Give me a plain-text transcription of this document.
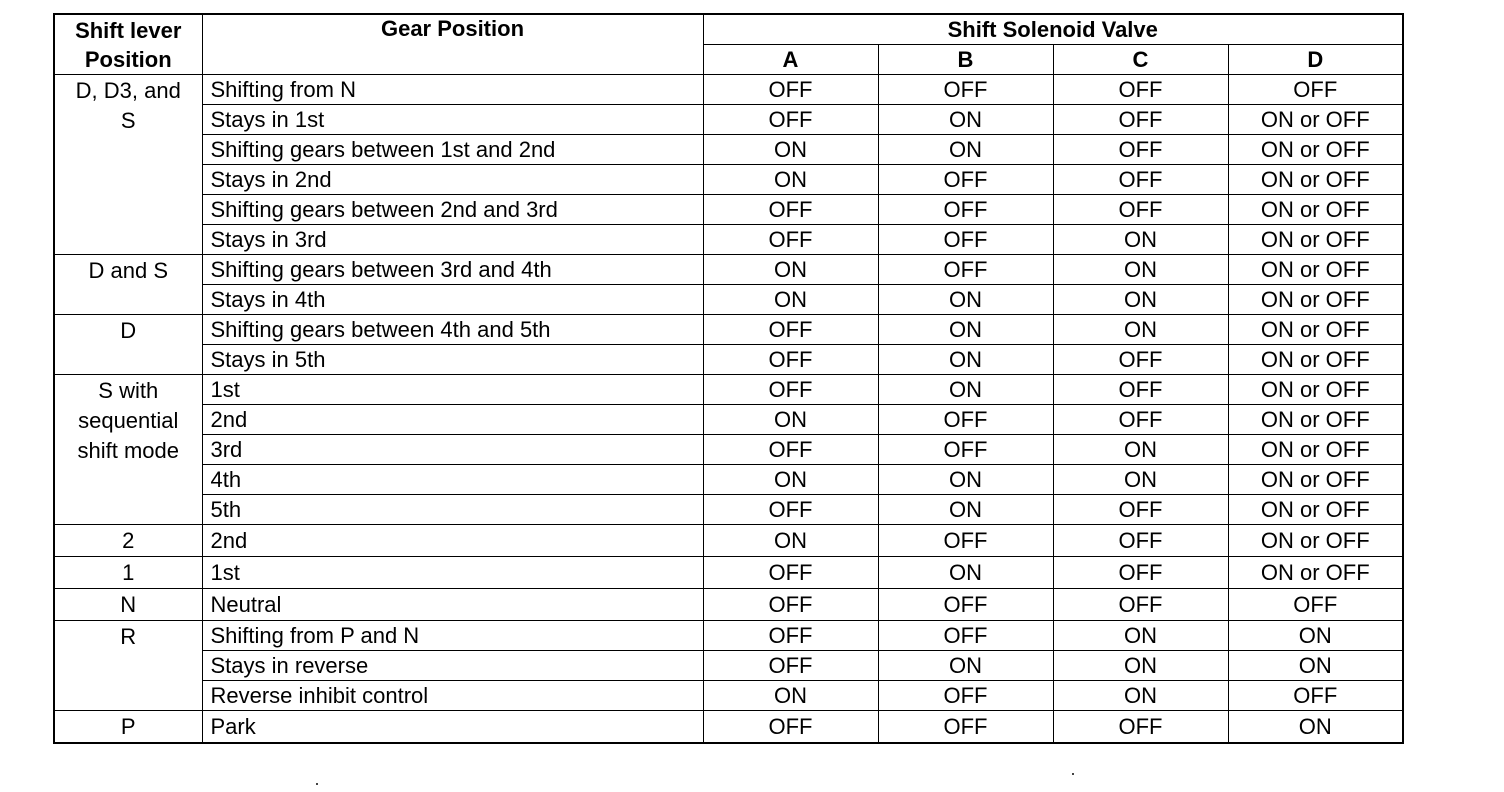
Shift lever
Position	Gear Position	Shift Solenoid Valve			
		A	B	C	D
D, D3, and
S	Shifting from N	OFF	OFF	OFF	OFF
	Stays in 1st	OFF	ON	OFF	ON or OFF
	Shifting gears between 1st and 2nd	ON	ON	OFF	ON or OFF
	Stays in 2nd	ON	OFF	OFF	ON or OFF
	Shifting gears between 2nd and 3rd	OFF	OFF	OFF	ON or OFF
	Stays in 3rd	OFF	OFF	ON	ON or OFF
D and S	Shifting gears between 3rd and 4th	ON	OFF	ON	ON or OFF
	Stays in 4th	ON	ON	ON	ON or OFF
D	Shifting gears between 4th and 5th	OFF	ON	ON	ON or OFF
	Stays in 5th	OFF	ON	OFF	ON or OFF
S with
sequential
shift mode	1st	OFF	ON	OFF	ON or OFF
	2nd	ON	OFF	OFF	ON or OFF
	3rd	OFF	OFF	ON	ON or OFF
	4th	ON	ON	ON	ON or OFF
	5th	OFF	ON	OFF	ON or OFF
2	2nd	ON	OFF	OFF	ON or OFF
1	1st	OFF	ON	OFF	ON or OFF
N	Neutral	OFF	OFF	OFF	OFF
R	Shifting from P and N	OFF	OFF	ON	ON
	Stays in reverse	OFF	ON	ON	ON
	Reverse inhibit control	ON	OFF	ON	OFF
P	Park	OFF	OFF	OFF	ON
